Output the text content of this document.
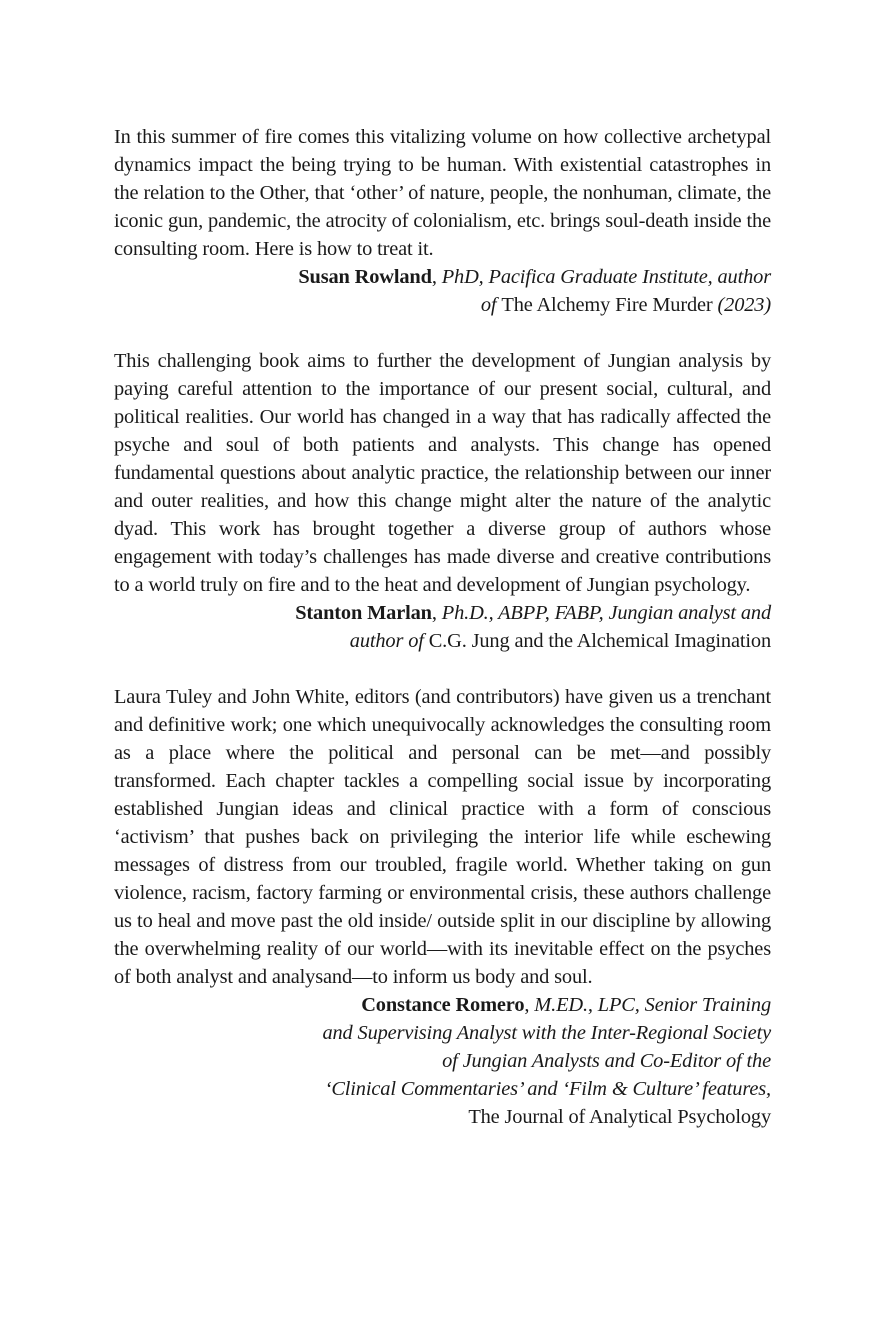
In this summer of fire comes this vitalizing volume on how collective archetypal dynamics impact the being trying to be human. With existential catastrophes in the relation to the Other, that ‘other’ of nature, people, the nonhuman, climate, the iconic gun, pandemic, the atrocity of colonialism, etc. brings soul-death inside the consulting room. Here is how to treat it.

Susan Rowland, PhD, Pacifica Graduate Institute, author
of The Alchemy Fire Murder (2023)

This challenging book aims to further the development of Jungian analysis by paying careful attention to the importance of our present social, cultural, and political realities. Our world has changed in a way that has radically affected the psyche and soul of both patients and analysts. This change has opened fundamental questions about analytic practice, the relationship between our inner and outer realities, and how this change might alter the nature of the analytic dyad. This work has brought together a diverse group of authors whose engagement with today’s challenges has made diverse and creative contributions to a world truly on fire and to the heat and development of Jungian psychology.

Stanton Marlan, Ph.D., ABPP, FABP, Jungian analyst and
author of C.G. Jung and the Alchemical Imagination

Laura Tuley and John White, editors (and contributors) have given us a trenchant and definitive work; one which unequivocally acknowledges the consulting room as a place where the political and personal can be met—and possibly transformed. Each chapter tackles a compelling social issue by incorporating established Jungian ideas and clinical practice with a form of conscious ‘activism’ that pushes back on privileging the interior life while eschewing messages of distress from our troubled, fragile world. Whether taking on gun violence, racism, factory farming or environmental crisis, these authors challenge us to heal and move past the old inside/ outside split in our discipline by allowing the overwhelming reality of our world—with its inevitable effect on the psyches of both analyst and analysand—to inform us body and soul.

Constance Romero, M.ED., LPC, Senior Training
and Supervising Analyst with the Inter-Regional Society
of Jungian Analysts and Co-Editor of the
‘Clinical Commentaries’ and ‘Film & Culture’ features,
The Journal of Analytical Psychology
